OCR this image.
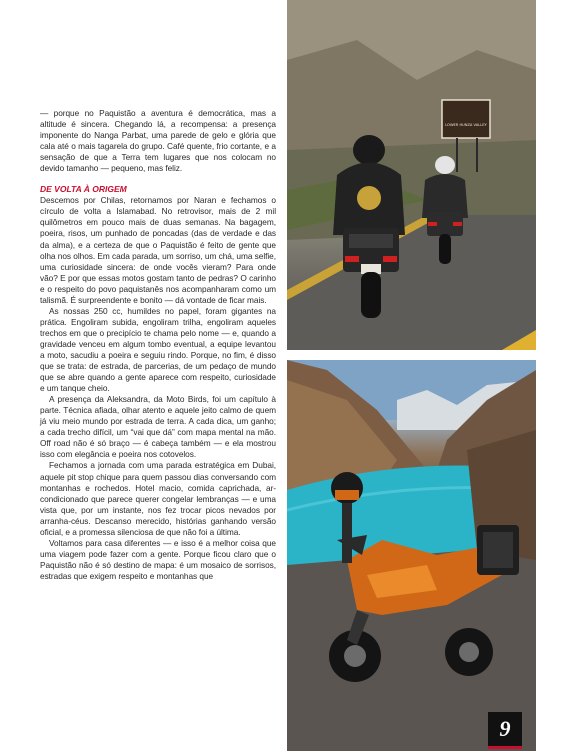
— porque no Paquistão a aventura é democrática, mas a altitude é sincera. Chegando lá, a recompensa: a presença imponente do Nanga Parbat, uma parede de gelo e glória que cala até o mais tagarela do grupo. Café quente, frio cortante, e a sensação de que a Terra tem lugares que nos colocam no devido tamanho — pequeno, mas feliz.

DE VOLTA À ORIGEM

Descemos por Chilas, retornamos por Naran e fechamos o círculo de volta a Islamabad. No retrovisor, mais de 2 mil quilômetros em pouco mais de duas semanas. Na bagagem, poeira, risos, um punhado de poncadas (das de verdade e das da alma), e a certeza de que o Paquistão é feito de gente que olha nos olhos. Em cada parada, um sorriso, um chá, uma selfie, uma curiosidade sincera: de onde vocês vieram? Para onde vão? E por que essas motos gostam tanto de pedras? O carinho e o respeito do povo paquistanês nos acompanharam como um talismã. É surpreendente e bonito — dá vontade de ficar mais.

As nossas 250 cc, humildes no papel, foram gigantes na prática. Engoliram subida, engoliram trilha, engoliram aqueles trechos em que o precipício te chama pelo nome — e, quando a gravidade venceu em algum tombo eventual, a equipe levantou a moto, sacudiu a poeira e seguiu rindo. Porque, no fim, é disso que se trata: de estrada, de parcerias, de um pedaço de mundo que se abre quando a gente aparece com respeito, curiosidade e um tanque cheio.

A presença da Aleksandra, da Moto Birds, foi um capítulo à parte. Técnica afiada, olhar atento e aquele jeito calmo de quem já viu meio mundo por estrada de terra. A cada dica, um ganho; a cada trecho difícil, um “vai que dá” com mapa mental na mão. Off road não é só braço — é cabeça também — e ela mostrou isso com elegância e poeira nos cotovelos.

Fechamos a jornada com uma parada estratégica em Dubai, aquele pit stop chique para quem passou dias conversando com montanhas e rochedos. Hotel macio, comida caprichada, ar-condicionado que parece querer congelar lembranças — e uma vista que, por um instante, nos fez trocar picos nevados por arranha-céus. Descanso merecido, histórias ganhando versão oficial, e a promessa silenciosa de que não foi a última.

Voltamos para casa diferentes — e isso é a melhor coisa que uma viagem pode fazer com a gente. Porque ficou claro que o Paquistão não é só destino de mapa: é um mosaico de sorrisos, estradas que exigem respeito e montanhas que

LOWER HUNZA VALLEY
9
